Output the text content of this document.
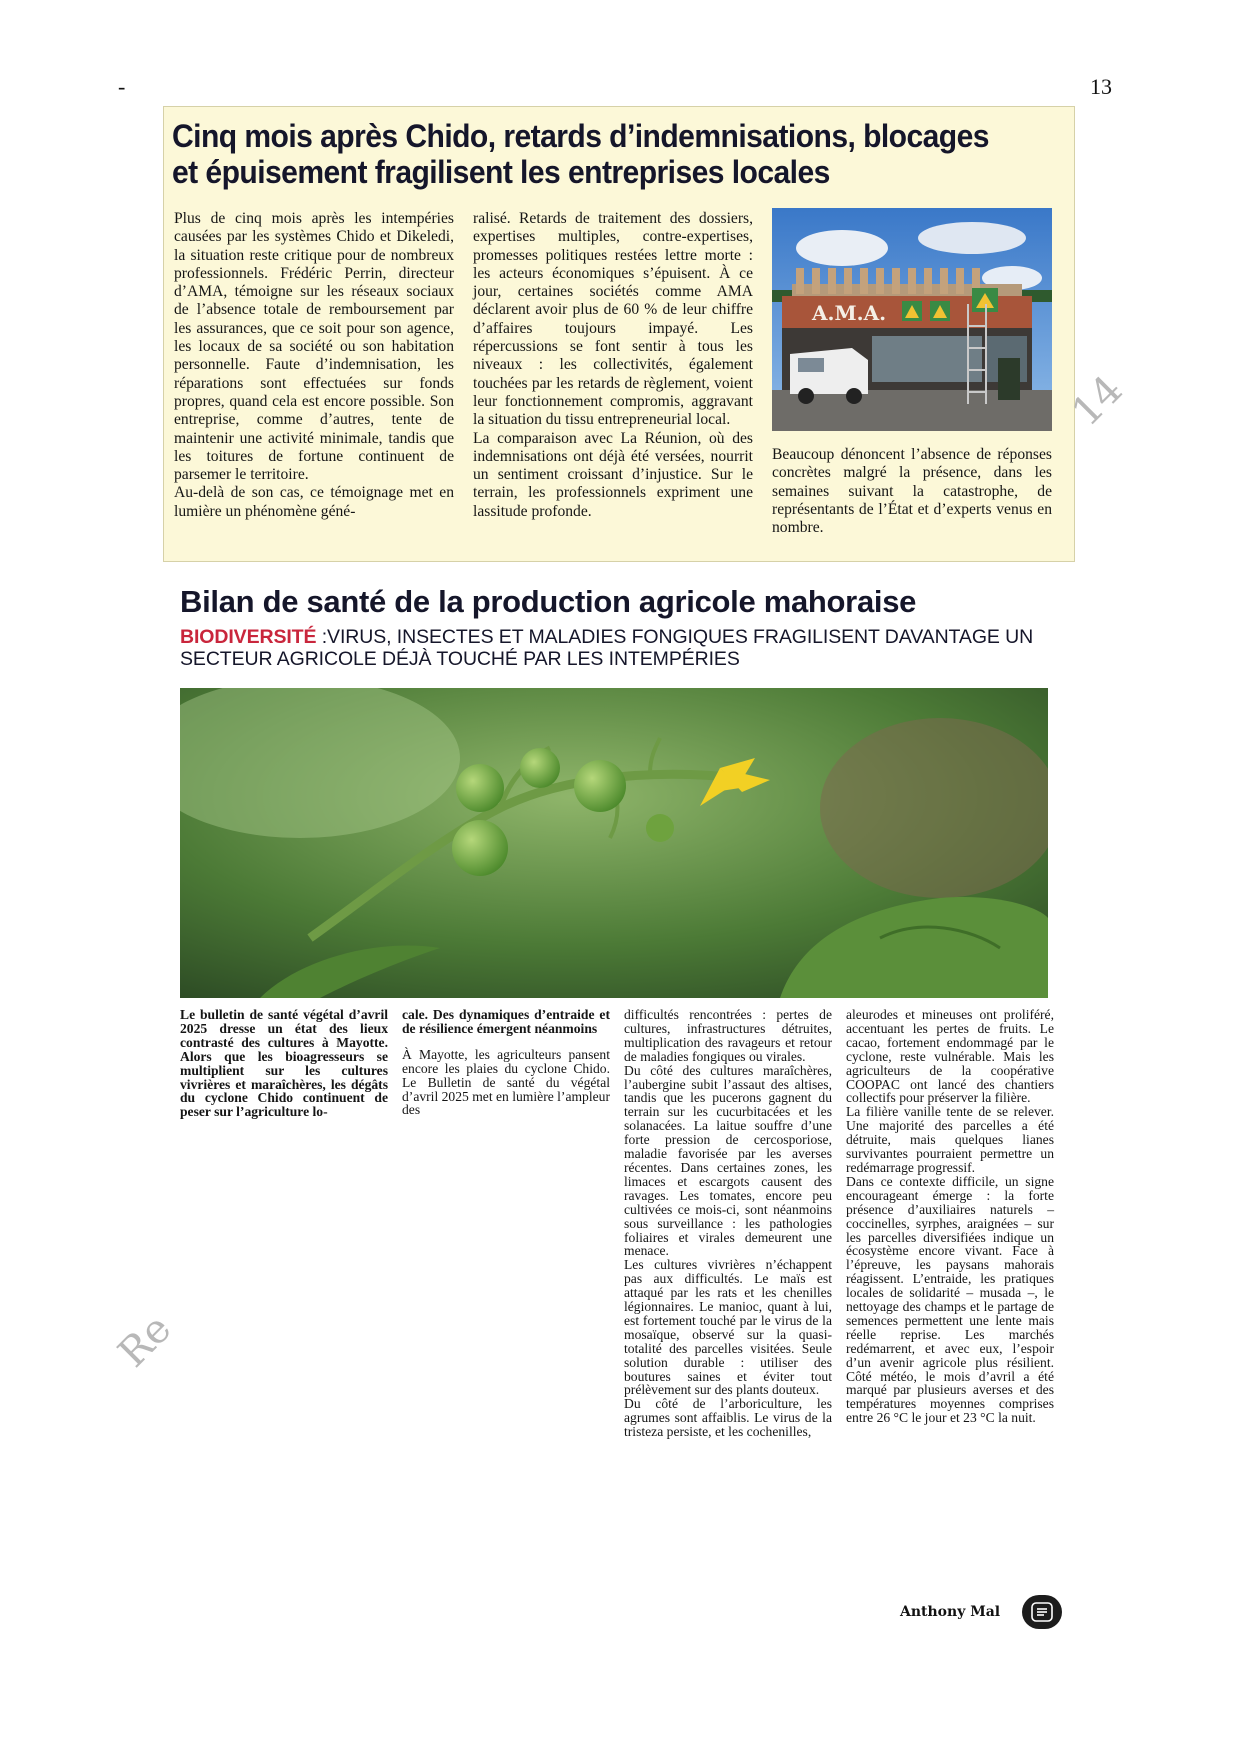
-	13
Cinq mois après Chido, retards d’indemnisations, blocages et épuisement fragilisent les entreprises locales

Plus de cinq mois après les intempéries causées par les systèmes Chido et Dikeledi, la situation reste critique pour de nombreux professionnels. Frédéric Perrin, directeur d’AMA, témoigne sur les réseaux sociaux de l’absence totale de remboursement par les assurances, que ce soit pour son agence, les locaux de sa société ou son habitation personnelle. Faute d’indemnisation, les réparations sont effectuées sur fonds propres, quand cela est encore possible. Son entreprise, comme d’autres, tente de maintenir une activité minimale, tandis que les toitures de fortune continuent de parsemer le territoire.

Au-delà de son cas, ce témoignage met en lumière un phénomène géné-

ralisé. Retards de traitement des dossiers, expertises multiples, contre-expertises, promesses politiques restées lettre morte : les acteurs économiques s’épuisent. À ce jour, certaines sociétés comme AMA déclarent avoir plus de 60 % de leur chiffre d’affaires toujours impayé. Les répercussions se font sentir à tous les niveaux : les collectivités, également touchées par les retards de règlement, voient leur fonctionnement compromis, aggravant la situation du tissu entrepreneurial local.

La comparaison avec La Réunion, où des indemnisations ont déjà été versées, nourrit un sentiment croissant d’injustice. Sur le terrain, les professionnels expriment une lassitude profonde.

A.M.A.
Beaucoup dénoncent l’absence de réponses concrètes malgré la présence, dans les semaines suivant la catastrophe, de représentants de l’État et d’experts venus en nombre.
Bilan de santé de la production agricole mahoraise
BIODIVERSITÉ :VIRUS, INSECTES ET MALADIES FONGIQUES FRAGILISENT DAVANTAGE UN SECTEUR AGRICOLE DÉJÀ TOUCHÉ PAR LES INTEMPÉRIES
Le bulletin de santé végétal d’avril 2025 dresse un état des lieux contrasté des cultures à Mayotte. Alors que les bioagresseurs se multiplient sur les cultures vivrières et maraîchères, les dégâts du cyclone Chido continuent de peser sur l’agriculture lo-

cale. Des dynamiques d’entraide et de résilience émergent néanmoins

À Mayotte, les agriculteurs pansent encore les plaies du cyclone Chido. Le Bulletin de santé du végétal d’avril 2025 met en lumière l’ampleur des

difficultés rencontrées : pertes de cultures, infrastructures détruites, multiplication des ravageurs et retour de maladies fongiques ou virales.

Du côté des cultures maraîchères, l’aubergine subit l’assaut des altises, tandis que les pucerons gagnent du terrain sur les cucurbitacées et les solanacées. La laitue souffre d’une forte pression de cercosporiose, maladie favorisée par les averses récentes. Dans certaines zones, les limaces et escargots causent des ravages. Les tomates, encore peu cultivées ce mois-ci, sont néanmoins sous surveillance : les pathologies foliaires et virales demeurent une menace.

Les cultures vivrières n’échappent pas aux difficultés. Le maïs est attaqué par les rats et les chenilles légionnaires. Le manioc, quant à lui, est fortement touché par le virus de la mosaïque, observé sur la quasi-totalité des parcelles visitées. Seule solution durable : utiliser des boutures saines et éviter tout prélèvement sur des plants douteux.

Du côté de l’arboriculture, les agrumes sont affaiblis. Le virus de la tristeza persiste, et les cochenilles,

aleurodes et mineuses ont proliféré, accentuant les pertes de fruits. Le cacao, fortement endommagé par le cyclone, reste vulnérable. Mais les agriculteurs de la coopérative COOPAC ont lancé des chantiers collectifs pour préserver la filière.

La filière vanille tente de se relever. Une majorité des parcelles a été détruite, mais quelques lianes survivantes pourraient permettre un redémarrage progressif.

Dans ce contexte difficile, un signe encourageant émerge : la forte présence d’auxiliaires naturels – coccinelles, syrphes, araignées – sur les parcelles diversifiées indique un écosystème encore vivant. Face à l’épreuve, les paysans mahorais réagissent. L’entraide, les pratiques locales de solidarité – musada –, le nettoyage des champs et le partage de semences permettent une lente mais réelle reprise. Les marchés redémarrent, et avec eux, l’espoir d’un avenir agricole plus résilient. Côté météo, le mois d’avril a été marqué par plusieurs averses et des températures moyennes comprises entre 26 °C le jour et 23 °C la nuit.

Anthony Mal
14
Re
